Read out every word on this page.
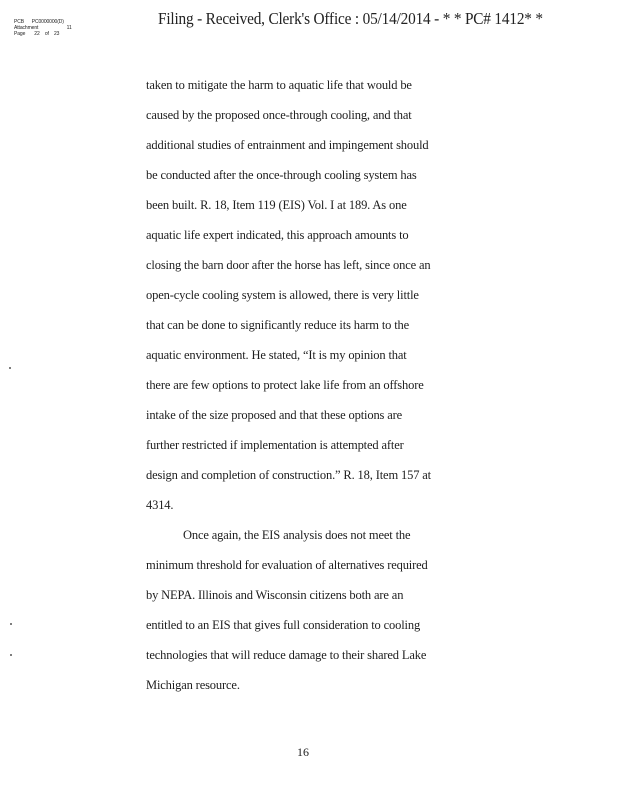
PCB      PC0000000(D)
Attachment                      11
Page       22    of    23
Filing - Received, Clerk's Office : 05/14/2014 - * * PC# 1412* *
taken to mitigate the harm to aquatic life that would be
caused by the proposed once-through cooling, and that
additional studies of entrainment and impingement should
be conducted after the once-through cooling system has
been built. R. 18, Item 119 (EIS) Vol. I at 189. As one
aquatic life expert indicated, this approach amounts to
closing the barn door after the horse has left, since once an
open-cycle cooling system is allowed, there is very little
that can be done to significantly reduce its harm to the
aquatic environment. He stated, “It is my opinion that
there are few options to protect lake life from an offshore
intake of the size proposed and that these options are
further restricted if implementation is attempted after
design and completion of construction.” R. 18, Item 157 at
4314.
Once again, the EIS analysis does not meet the
minimum threshold for evaluation of alternatives required
by NEPA. Illinois and Wisconsin citizens both are an
entitled to an EIS that gives full consideration to cooling
technologies that will reduce damage to their shared Lake
Michigan resource.
16
